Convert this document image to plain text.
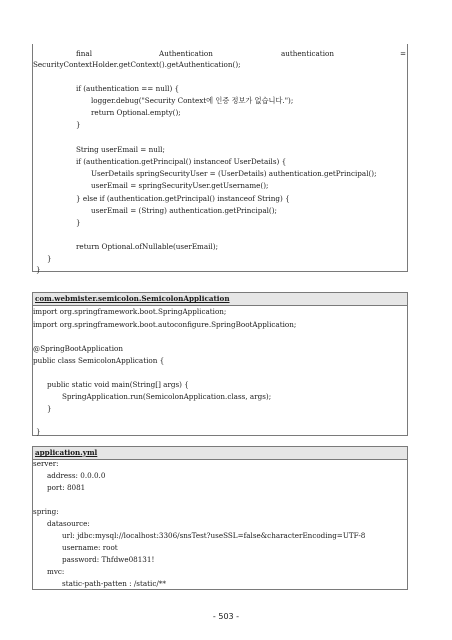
final	Authentication	authentication	=
SecurityContextHolder.getContext().getAuthentication();
if (authentication == null) {
logger.debug("Security Context에 인증 정보가 없습니다.");
return Optional.empty();
}
String userEmail = null;
if (authentication.getPrincipal() instanceof UserDetails) {
UserDetails springSecurityUser = (UserDetails) authentication.getPrincipal();
userEmail = springSecurityUser.getUsername();
} else if (authentication.getPrincipal() instanceof String) {
userEmail = (String) authentication.getPrincipal();
}
return Optional.ofNullable(userEmail);
}
}
com.webmister.semicolon.SemicolonApplication
import org.springframework.boot.SpringApplication;
import org.springframework.boot.autoconfigure.SpringBootApplication;
@SpringBootApplication
public class SemicolonApplication {
public static void main(String[] args) {
SpringApplication.run(SemicolonApplication.class, args);
}
}
application.yml
server:
address: 0.0.0.0
port: 8081
spring:
datasource:
url: jdbc:mysql://localhost:3306/snsTest?useSSL=false&characterEncoding=UTF-8
username: root
password: Thfdwe08131!
mvc:
static-path-patten : /static/**
- 503 -
